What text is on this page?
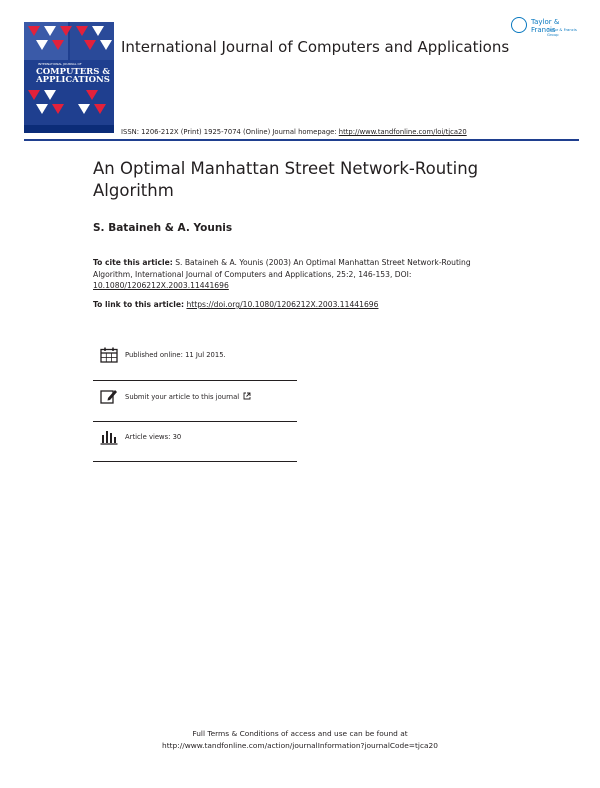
INTERNATIONAL JOURNAL OF
COMPUTERS &
APPLICATIONS
International Journal of Computers and Applications
Taylor & Francis
Taylor & Francis Group
ISSN: 1206-212X (Print) 1925-7074 (Online) Journal homepage: http://www.tandfonline.com/loi/tjca20
An Optimal Manhattan Street Network-Routing Algorithm
S. Bataineh & A. Younis
To cite this article: S. Bataineh & A. Younis (2003) An Optimal Manhattan Street Network-Routing Algorithm, International Journal of Computers and Applications, 25:2, 146-153, DOI: 10.1080/1206212X.2003.11441696
To link to this article: https://doi.org/10.1080/1206212X.2003.11441696
Published online: 11 Jul 2015.
Submit your article to this journal
Article views: 30
Full Terms & Conditions of access and use can be found at
http://www.tandfonline.com/action/journalInformation?journalCode=tjca20
